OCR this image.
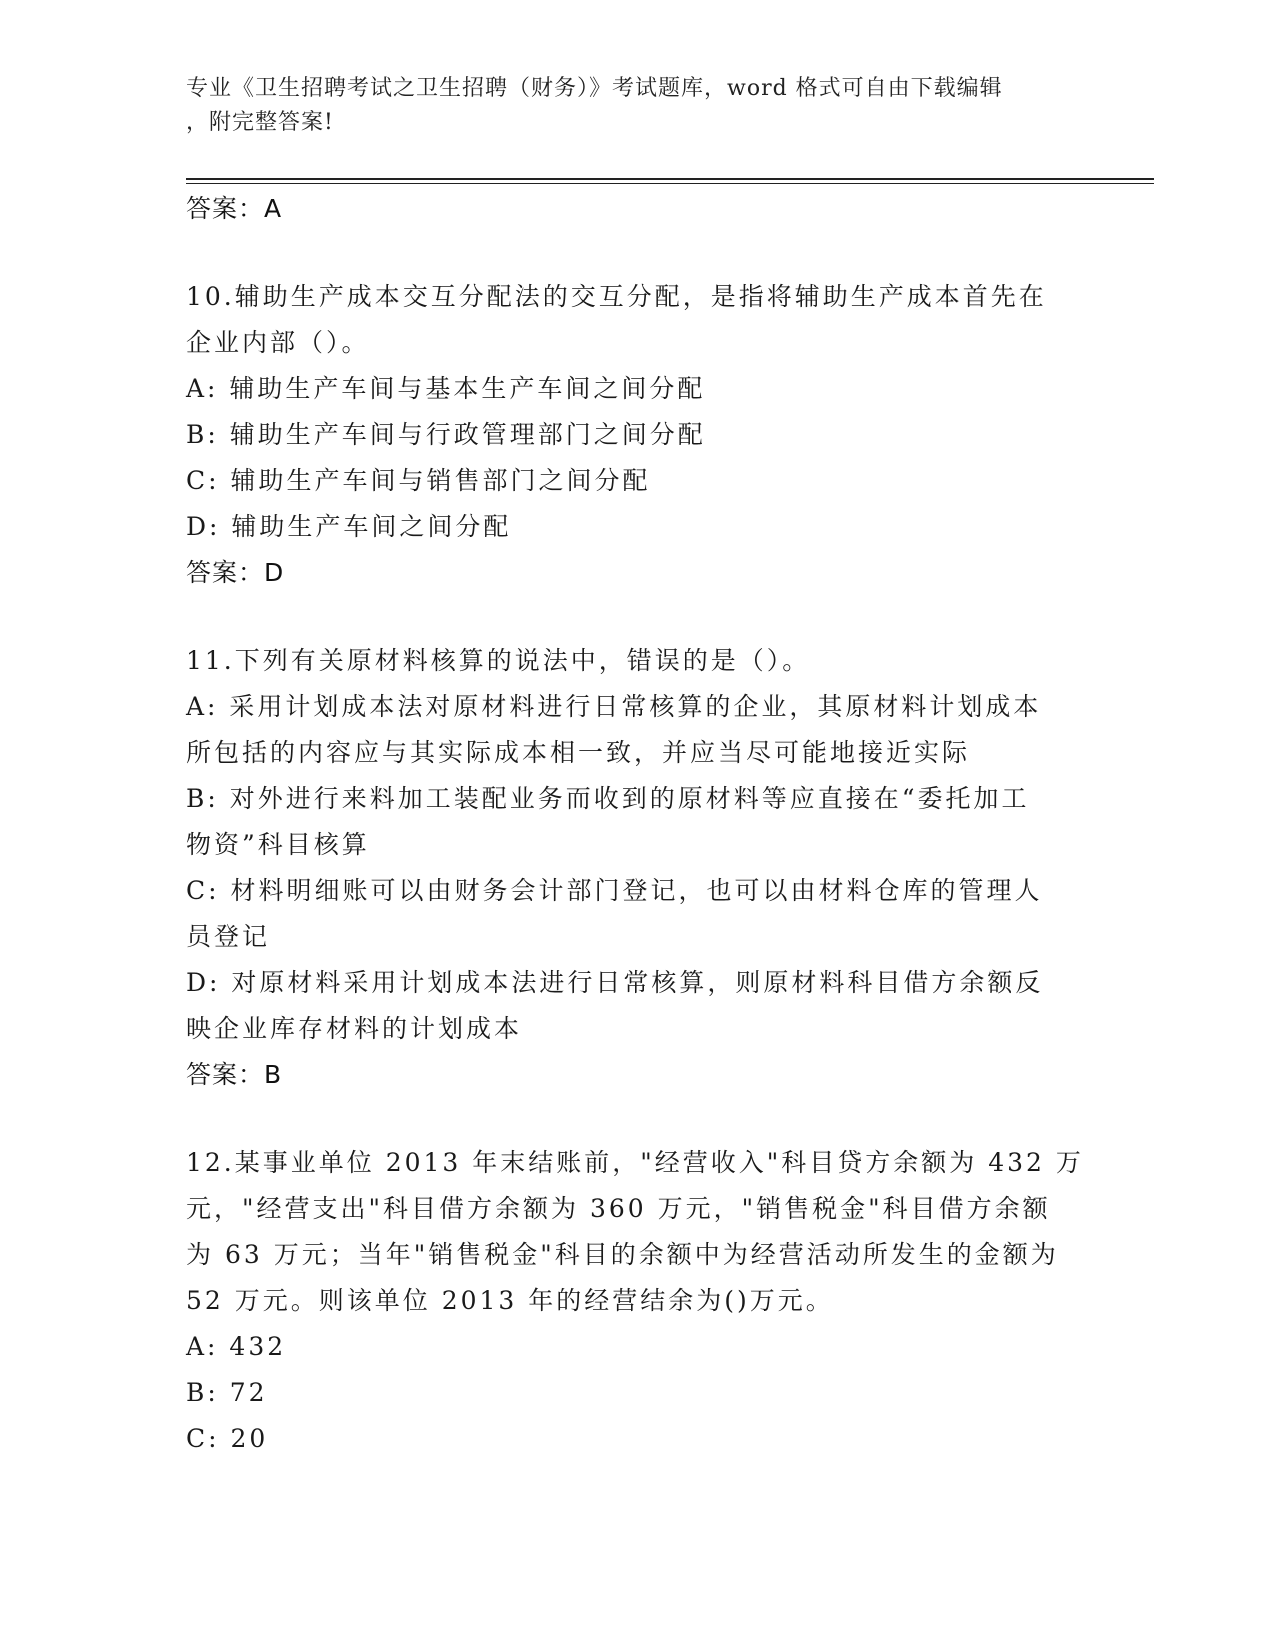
专业《卫生招聘考试之卫生招聘（财务）》考试题库，word 格式可自由下载编辑
，附完整答案!
答案：A
10.辅助生产成本交互分配法的交互分配，是指将辅助生产成本首先在
企业内部（）。
A: 辅助生产车间与基本生产车间之间分配
B: 辅助生产车间与行政管理部门之间分配
C: 辅助生产车间与销售部门之间分配
D: 辅助生产车间之间分配
答案：D
11.下列有关原材料核算的说法中，错误的是（）。
A: 采用计划成本法对原材料进行日常核算的企业，其原材料计划成本
所包括的内容应与其实际成本相一致，并应当尽可能地接近实际
B: 对外进行来料加工装配业务而收到的原材料等应直接在“委托加工
物资”科目核算
C: 材料明细账可以由财务会计部门登记，也可以由材料仓库的管理人
员登记
D: 对原材料采用计划成本法进行日常核算，则原材料科目借方余额反
映企业库存材料的计划成本
答案：B
12.某事业单位 2013 年末结账前，"经营收入"科目贷方余额为 432 万
元，"经营支出"科目借方余额为 360 万元，"销售税金"科目借方余额
为 63 万元；当年"销售税金"科目的余额中为经营活动所发生的金额为
52 万元。则该单位 2013 年的经营结余为()万元。
A: 432
B: 72
C: 20
